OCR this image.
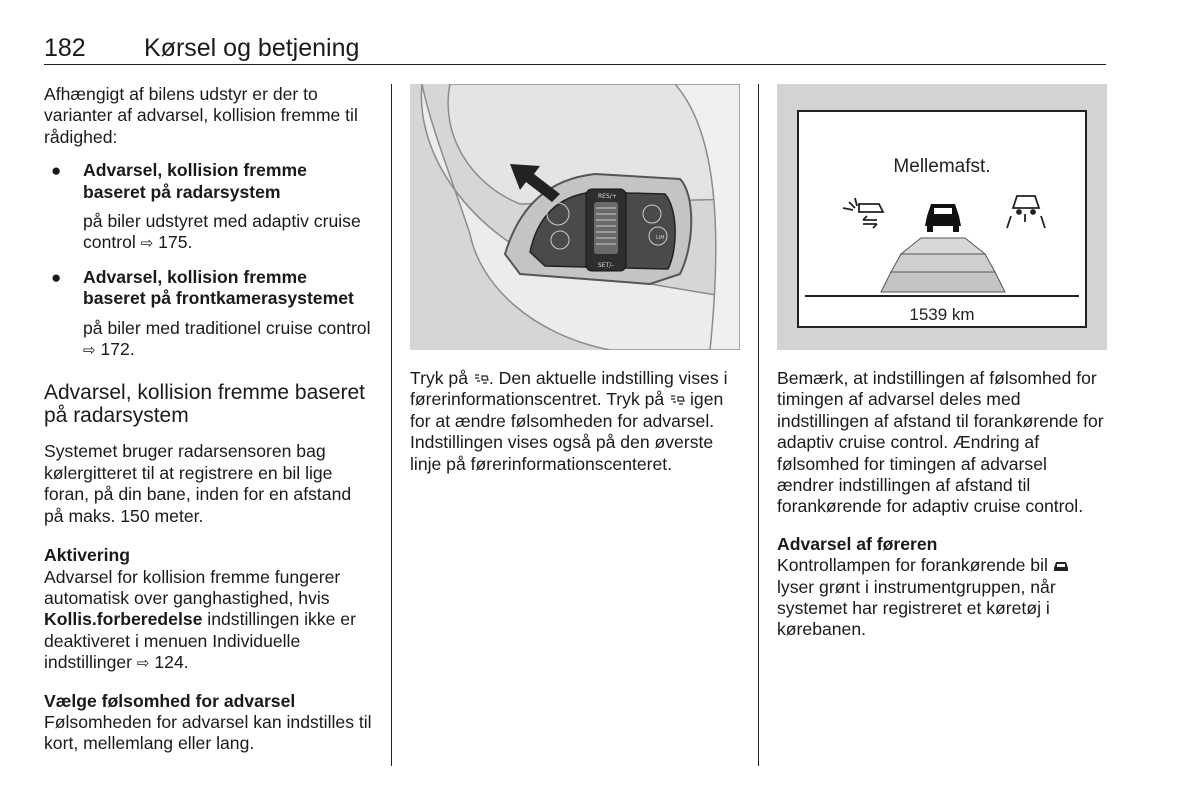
182 Kørsel og betjening

Afhængigt af bilens udstyr er der to varianter af advarsel, kollision fremme til rådighed:

● Advarsel, kollision fremme baseret på radarsystem

på biler udstyret med adaptiv cruise control ⇨ 175.

● Advarsel, kollision fremme baseret på frontkamerasystemet

på biler med traditionel cruise control ⇨ 172.

Advarsel, kollision fremme baseret på radarsystem

Systemet bruger radarsensoren bag kølergitteret til at registrere en bil lige foran, på din bane, inden for en afstand på maks. 150 meter.

Aktivering

Advarsel for kollision fremme fungerer automatisk over ganghastighed, hvis Kollis.forberedelse indstillingen ikke er deaktiveret i menuen Individuelle indstillinger ⇨ 124.

Vælge følsomhed for advarsel

Følsomheden for advarsel kan indstilles til kort, mellemlang eller lang.

RES/+
SET/–
LIM

Tryk på . Den aktuelle indstilling vises i førerinformationscentret. Tryk på igen for at ændre følsomheden for advarsel. Indstillingen vises også på den øverste linje på førerinformationscenteret.

Mellemafst.
1539 km

Bemærk, at indstillingen af følsomhed for timingen af advarsel deles med indstillingen af afstand til forankørende for adaptiv cruise control. Ændring af følsomhed for timingen af advarsel ændrer indstillingen af afstand til forankørende for adaptiv cruise control.

Advarsel af føreren

Kontrollampen for forankørende bil  lyser grønt i instrumentgruppen, når systemet har registreret et køretøj i kørebanen.
